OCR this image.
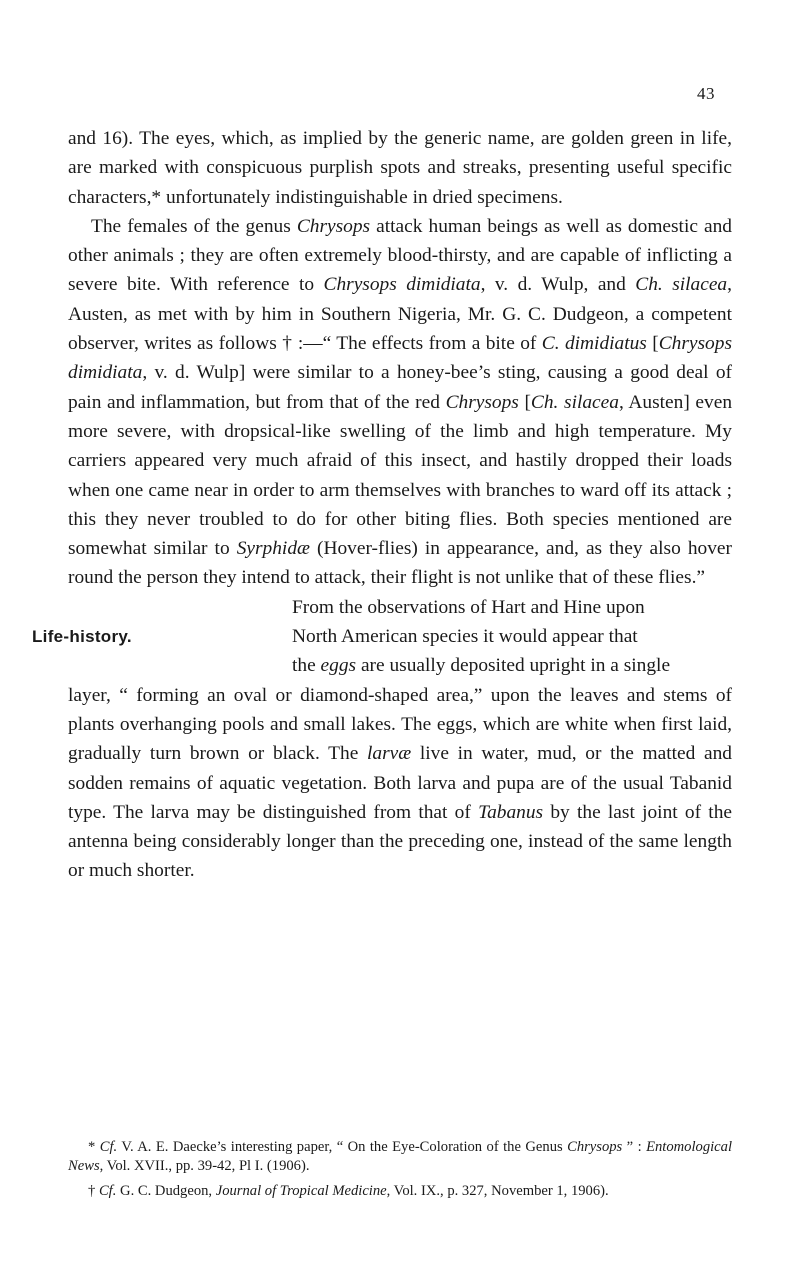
43

and 16). The eyes, which, as implied by the generic name, are golden green in life, are marked with conspicuous purplish spots and streaks, presenting useful specific characters,* unfortunately indistinguishable in dried specimens.

The females of the genus Chrysops attack human beings as well as domestic and other animals ; they are often extremely blood-thirsty, and are capable of inflicting a severe bite. With reference to Chrysops dimidiata, v. d. Wulp, and Ch. silacea, Austen, as met with by him in Southern Nigeria, Mr. G. C. Dudgeon, a competent observer, writes as follows † :—“ The effects from a bite of C. dimidiatus [Chrysops dimidiata, v. d. Wulp] were similar to a honey-bee’s sting, causing a good deal of pain and inflammation, but from that of the red Chrysops [Ch. silacea, Austen] even more severe, with dropsical-like swelling of the limb and high temperature. My carriers appeared very much afraid of this insect, and hastily dropped their loads when one came near in order to arm themselves with branches to ward off its attack ; this they never troubled to do for other biting flies. Both species mentioned are somewhat similar to Syrphidæ (Hover-flies) in appearance, and, as they also hover round the person they intend to attack, their flight is not unlike that of these flies.”

Life-history.

From the observations of Hart and Hine upon
North American species it would appear that
the eggs are usually deposited upright in a single
layer, “ forming an oval or diamond-shaped area,” upon the leaves and stems of plants overhanging pools and small lakes. The eggs, which are white when first laid, gradually turn brown or black. The larvæ live in water, mud, or the matted and sodden remains of aquatic vegetation. Both larva and pupa are of the usual Tabanid type. The larva may be distinguished from that of Tabanus by the last joint of the antenna being considerably longer than the preceding one, instead of the same length or much shorter.

* Cf. V. A. E. Daecke’s interesting paper, “ On the Eye-Coloration of the Genus Chrysops ” : Entomological News, Vol. XVII., pp. 39-42, Pl I. (1906).

† Cf. G. C. Dudgeon, Journal of Tropical Medicine, Vol. IX., p. 327, November 1, 1906).
